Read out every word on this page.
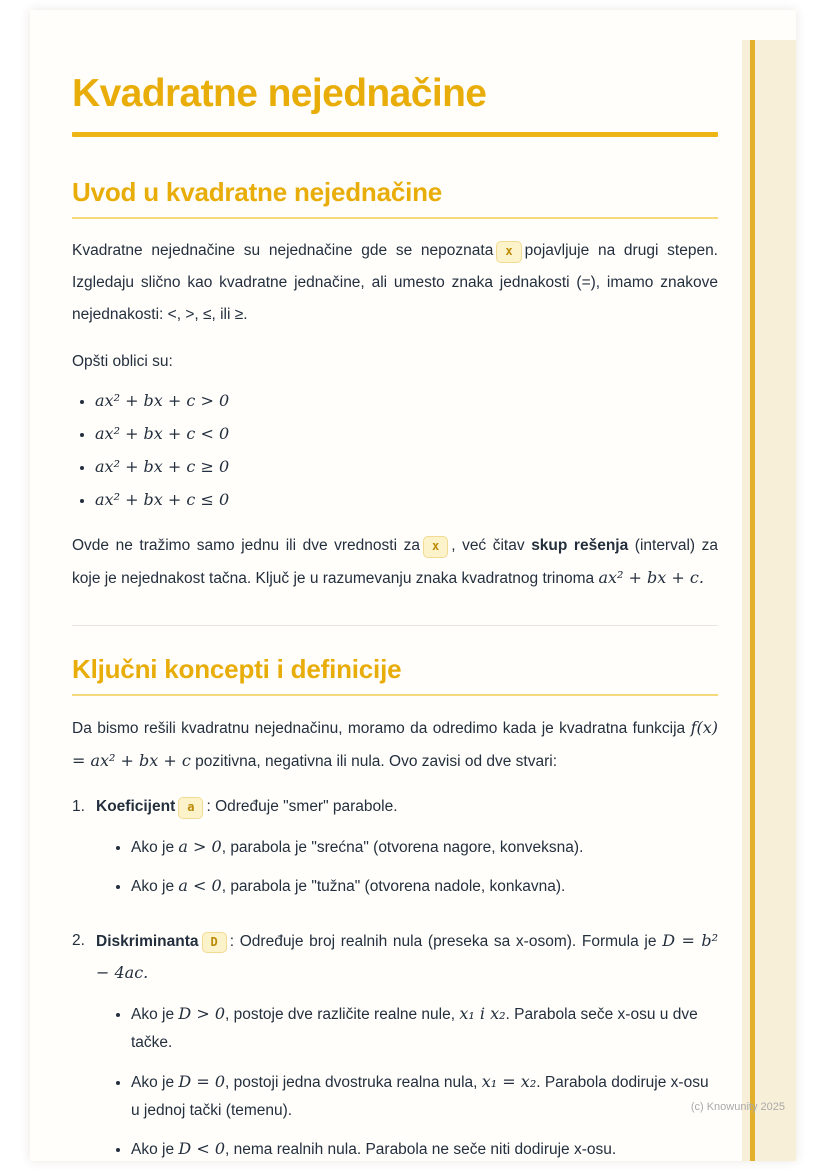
Kvadratne nejednačine
Uvod u kvadratne nejednačine

Kvadratne nejednačine su nejednačine gde se nepoznata x pojavljuje na drugi stepen. Izgledaju slično kao kvadratne jednačine, ali umesto znaka jednakosti (=), imamo znakove nejednakosti: <, >, ≤, ili ≥.

Opšti oblici su:

• ax² + bx + c > 0
• ax² + bx + c < 0
• ax² + bx + c ≥ 0
• ax² + bx + c ≤ 0

Ovde ne tražimo samo jednu ili dve vrednosti za x , već čitav skup rešenja (interval) za koje je nejednakost tačna. Ključ je u razumevanju znaka kvadratnog trinoma ax² + bx + c.

Ključni koncepti i definicije

Da bismo rešili kvadratnu nejednačinu, moramo da odredimo kada je kvadratna funkcija f(x) = ax² + bx + c pozitivna, negativna ili nula. Ovo zavisi od dve stvari:

1. Koeficijent a : Određuje "smer" parabole.

• Ako je a > 0, parabola je "srećna" (otvorena nagore, konveksna).
• Ako je a < 0, parabola je "tužna" (otvorena nadole, konkavna).
2. Diskriminanta D : Određuje broj realnih nula (preseka sa x-osom). Formula je D = b² − 4ac.

• Ako je D > 0, postoje dve različite realne nule, x₁ i x₂. Parabola seče x-osu u dve tačke.
• Ako je D = 0, postoji jedna dvostruka realna nula, x₁ = x₂. Parabola dodiruje x-osu u jednoj tački (temenu).
• Ako je D < 0, nema realnih nula. Parabola ne seče niti dodiruje x-osu.
(c) Knowunity 2025
